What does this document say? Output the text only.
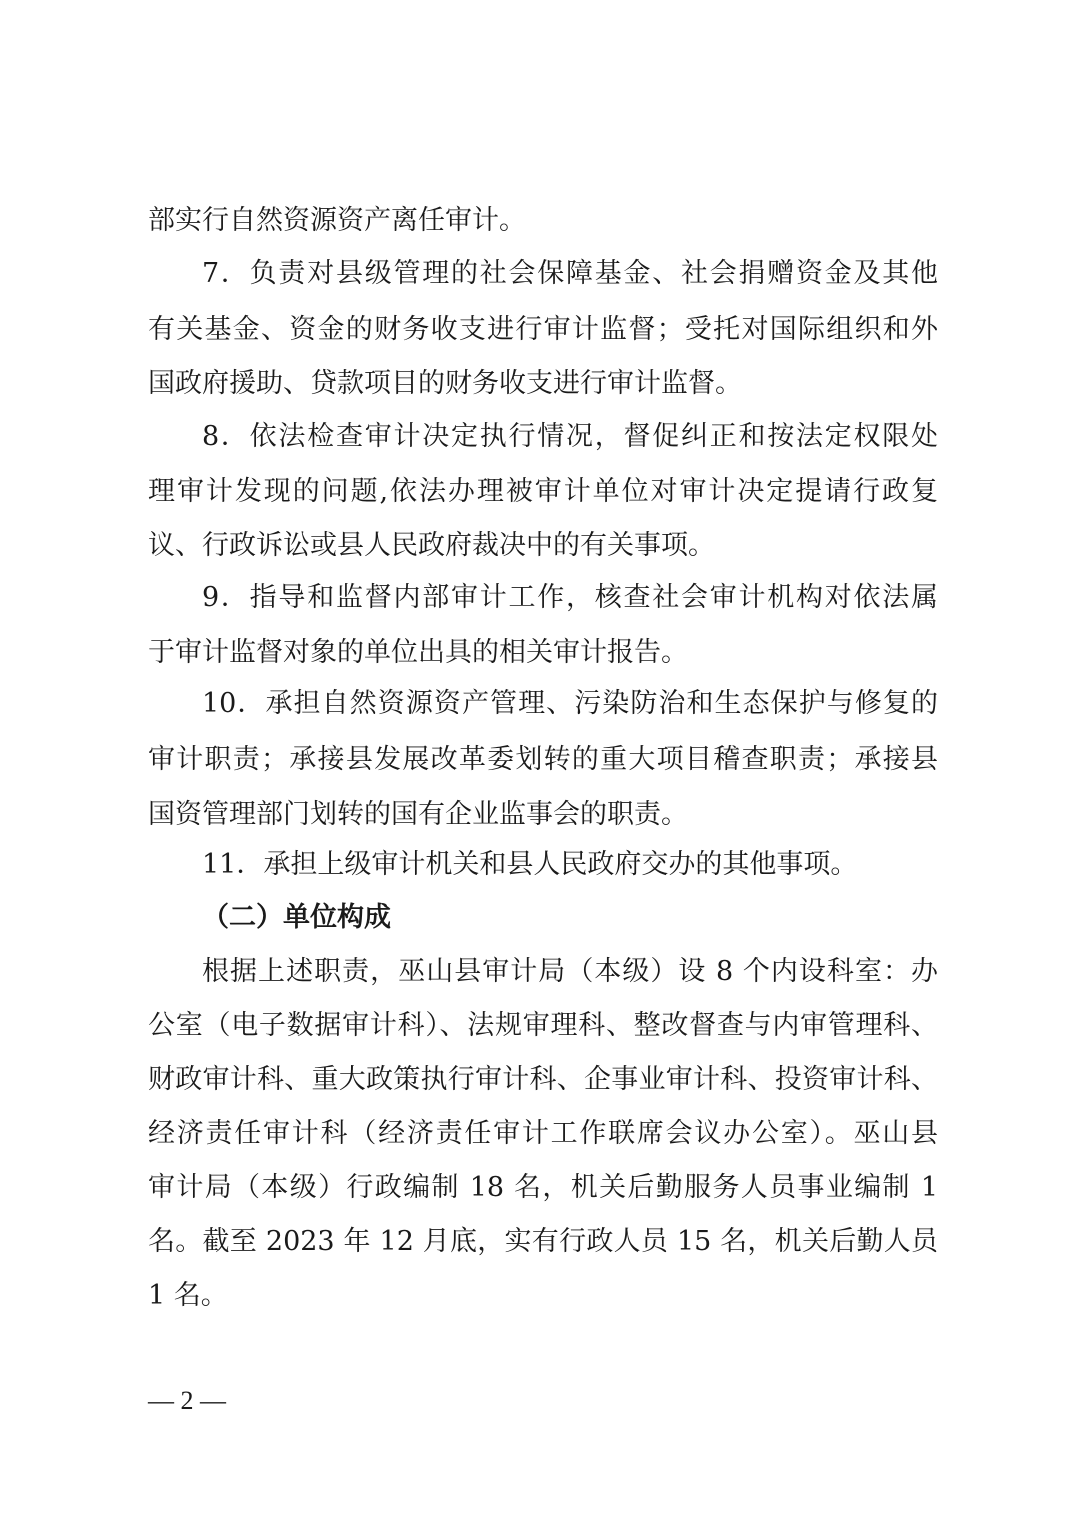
部实行自然资源资产离任审计。
7．负责对县级管理的社会保障基金、社会捐赠资金及其他
有关基金、资金的财务收支进行审计监督；受托对国际组织和外
国政府援助、贷款项目的财务收支进行审计监督。
8．依法检查审计决定执行情况，督促纠正和按法定权限处
理审计发现的问题,依法办理被审计单位对审计决定提请行政复
议、行政诉讼或县人民政府裁决中的有关事项。
9．指导和监督内部审计工作，核查社会审计机构对依法属
于审计监督对象的单位出具的相关审计报告。
10．承担自然资源资产管理、污染防治和生态保护与修复的
审计职责；承接县发展改革委划转的重大项目稽查职责；承接县
国资管理部门划转的国有企业监事会的职责。
11．承担上级审计机关和县人民政府交办的其他事项。
（二）单位构成
根据上述职责，巫山县审计局（本级）设 8 个内设科室：办
公室（电子数据审计科）、法规审理科、整改督查与内审管理科、
财政审计科、重大政策执行审计科、企事业审计科、投资审计科、
经济责任审计科（经济责任审计工作联席会议办公室）。巫山县
审计局（本级）行政编制 18 名，机关后勤服务人员事业编制 1
名。截至 2023 年 12 月底，实有行政人员 15 名，机关后勤人员
1 名。
— 2 —
